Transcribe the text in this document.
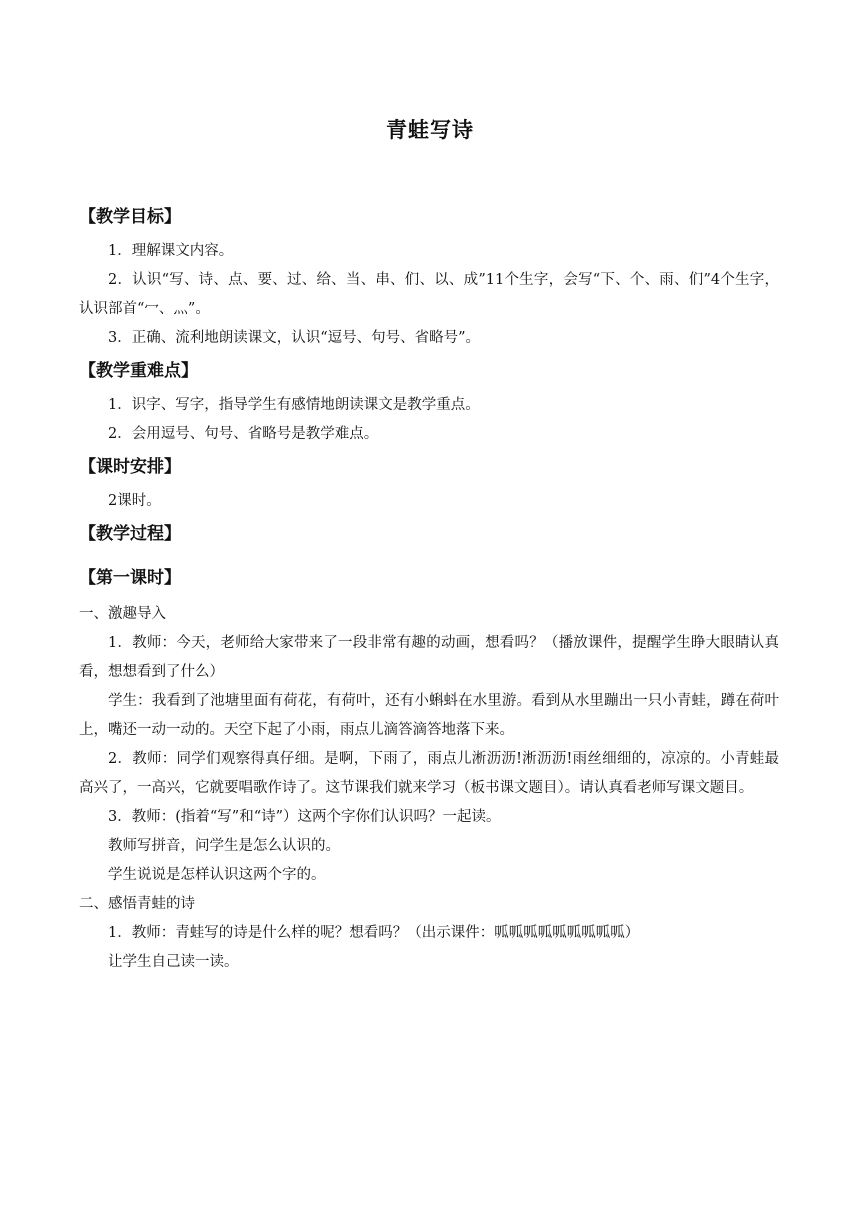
青蛙写诗

【教学目标】

1．理解课文内容。

2．认识“写、诗、点、要、过、给、当、串、们、以、成”11个生字，会写“下、个、雨、们”4个生字，认识部首“冖、灬”。

3．正确、流利地朗读课文，认识“逗号、句号、省略号”。

【教学重难点】

1．识字、写字，指导学生有感情地朗读课文是教学重点。

2．会用逗号、句号、省略号是教学难点。

【课时安排】

2课时。

【教学过程】

【第一课时】

一、激趣导入

1．教师：今天，老师给大家带来了一段非常有趣的动画，想看吗？（播放课件，提醒学生睁大眼睛认真看，想想看到了什么）

学生：我看到了池塘里面有荷花，有荷叶，还有小蝌蚪在水里游。看到从水里蹦出一只小青蛙，蹲在荷叶上，嘴还一动一动的。天空下起了小雨，雨点儿滴答滴答地落下来。

2．教师：同学们观察得真仔细。是啊，下雨了，雨点儿淅沥沥!淅沥沥!雨丝细细的，凉凉的。小青蛙最高兴了，一高兴，它就要唱歌作诗了。这节课我们就来学习（板书课文题目）。请认真看老师写课文题目。

3．教师：(指着“写”和“诗”）这两个字你们认识吗？一起读。

教师写拼音，问学生是怎么认识的。

学生说说是怎样认识这两个字的。

二、感悟青蛙的诗

1．教师：青蛙写的诗是什么样的呢？想看吗？（出示课件：呱呱呱呱呱呱呱呱呱）

让学生自己读一读。
